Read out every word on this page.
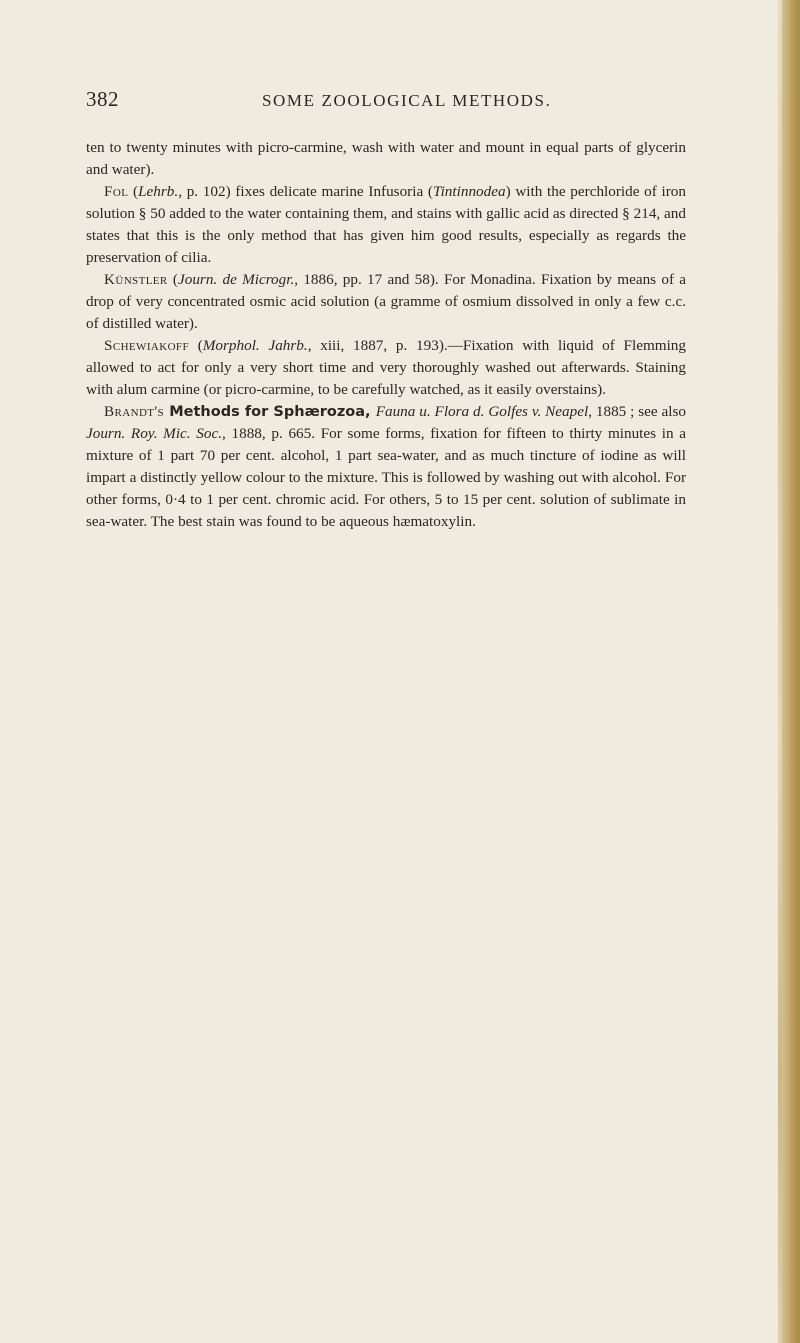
382	SOME ZOOLOGICAL METHODS.

ten to twenty minutes with picro-carmine, wash with water and mount in equal parts of glycerin and water).

Fol (Lehrb., p. 102) fixes delicate marine Infusoria (Tintinnodea) with the perchloride of iron solution § 50 added to the water containing them, and stains with gallic acid as directed § 214, and states that this is the only method that has given him good results, especially as regards the preservation of cilia.

Künstler (Journ. de Microgr., 1886, pp. 17 and 58). For Monadina. Fixation by means of a drop of very concentrated osmic acid solution (a gramme of osmium dissolved in only a few c.c. of distilled water).

Schewiakoff (Morphol. Jahrb., xiii, 1887, p. 193).—Fixation with liquid of Flemming allowed to act for only a very short time and very thoroughly washed out afterwards. Staining with alum carmine (or picro-carmine, to be carefully watched, as it easily overstains).

Brandt's Methods for Sphærozoa, Fauna u. Flora d. Golfes v. Neapel, 1885 ; see also Journ. Roy. Mic. Soc., 1888, p. 665. For some forms, fixation for fifteen to thirty minutes in a mixture of 1 part 70 per cent. alcohol, 1 part sea-water, and as much tincture of iodine as will impart a distinctly yellow colour to the mixture. This is followed by washing out with alcohol. For other forms, 0·4 to 1 per cent. chromic acid. For others, 5 to 15 per cent. solution of sublimate in sea-water. The best stain was found to be aqueous hæmatoxylin.
